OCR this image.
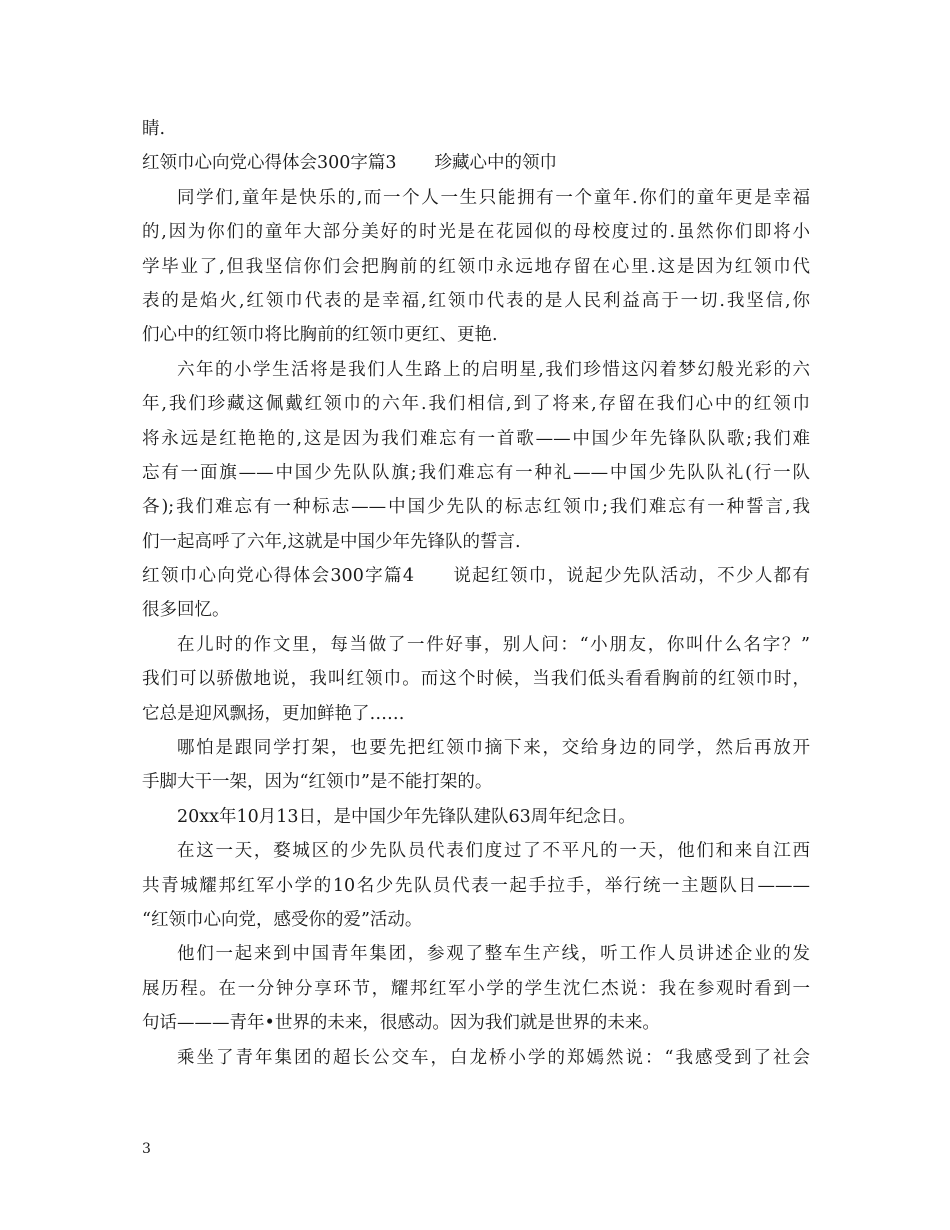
睛.
红领巾心向党心得体会300字篇3 珍藏心中的领巾
同学们,童年是快乐的,而一个人一生只能拥有一个童年.你们的童年更是幸福
的,因为你们的童年大部分美好的时光是在花园似的母校度过的.虽然你们即将小
学毕业了,但我坚信你们会把胸前的红领巾永远地存留在心里.这是因为红领巾代
表的是焰火,红领巾代表的是幸福,红领巾代表的是人民利益高于一切.我坚信,你
们心中的红领巾将比胸前的红领巾更红、更艳.
六年的小学生活将是我们人生路上的启明星,我们珍惜这闪着梦幻般光彩的六
年,我们珍藏这佩戴红领巾的六年.我们相信,到了将来,存留在我们心中的红领巾
将永远是红艳艳的,这是因为我们难忘有一首歌——中国少年先锋队队歌;我们难
忘有一面旗——中国少先队队旗;我们难忘有一种礼——中国少先队队礼(行一队
各);我们难忘有一种标志——中国少先队的标志红领巾;我们难忘有一种誓言,我
们一起高呼了六年,这就是中国少年先锋队的誓言.
红领巾心向党心得体会300字篇4 说起红领巾，说起少先队活动，不少人都有
很多回忆。
在儿时的作文里，每当做了一件好事，别人问：“小朋友，你叫什么名字？”
我们可以骄傲地说，我叫红领巾。而这个时候，当我们低头看看胸前的红领巾时，
它总是迎风飘扬，更加鲜艳了……
哪怕是跟同学打架，也要先把红领巾摘下来，交给身边的同学，然后再放开
手脚大干一架，因为“红领巾”是不能打架的。
20xx年10月13日，是中国少年先锋队建队63周年纪念日。
在这一天，婺城区的少先队员代表们度过了不平凡的一天，他们和来自江西
共青城耀邦红军小学的10名少先队员代表一起手拉手，举行统一主题队日———
“红领巾心向党，感受你的爱”活动。
他们一起来到中国青年集团，参观了整车生产线，听工作人员讲述企业的发
展历程。在一分钟分享环节，耀邦红军小学的学生沈仁杰说：我在参观时看到一
句话———青年•世界的未来，很感动。因为我们就是世界的未来。
乘坐了青年集团的超长公交车，白龙桥小学的郑嫣然说：“我感受到了社会
3
